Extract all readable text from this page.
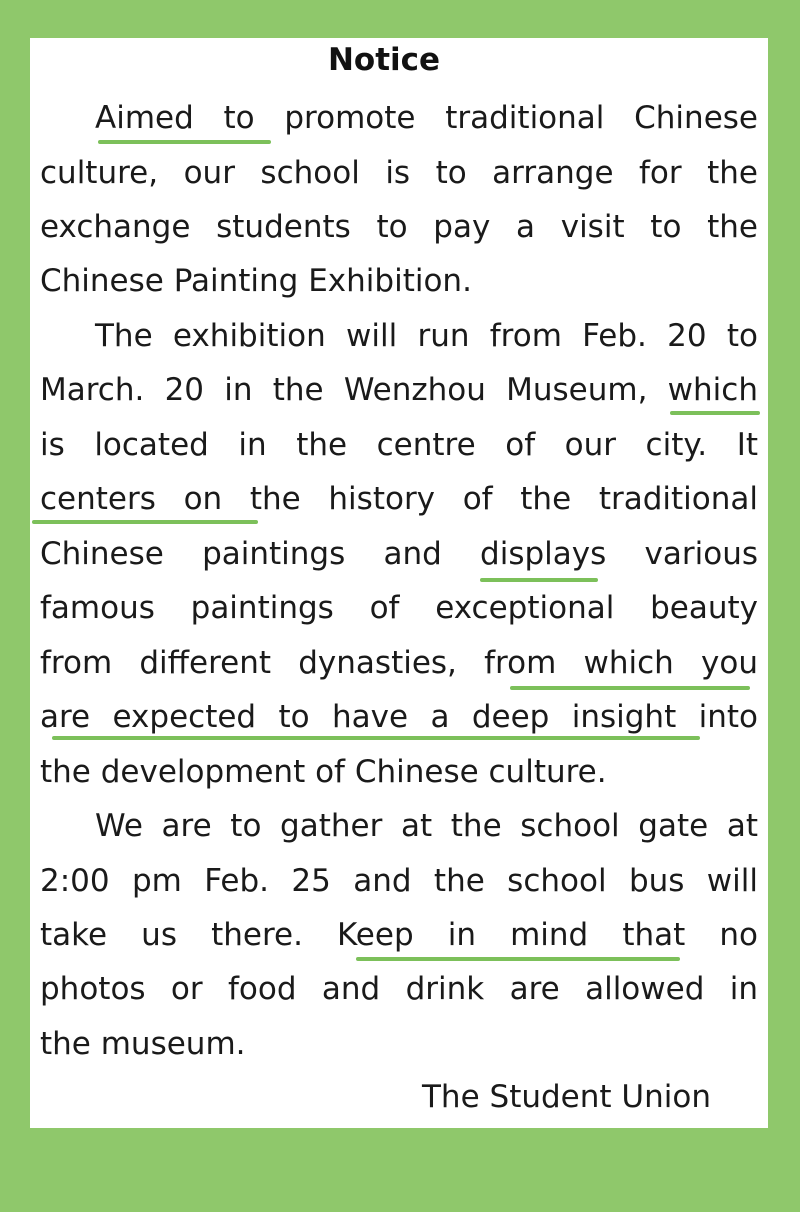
Notice
Aimed to promote traditional Chinese
culture, our school is to arrange for the
exchange students to pay a visit to the
Chinese Painting Exhibition.
The exhibition will run from Feb. 20 to
March. 20 in the Wenzhou Museum, which
is located in the centre of our city. It
centers on the history of the traditional
Chinese paintings and displays various
famous paintings of exceptional beauty
from different dynasties, from which you
are expected to have a deep insight into
the development of Chinese culture.
We are to gather at the school gate at
2:00 pm Feb. 25 and the school bus will
take us there. Keep in mind that no
photos or food and drink are allowed in
the museum.
The Student Union
